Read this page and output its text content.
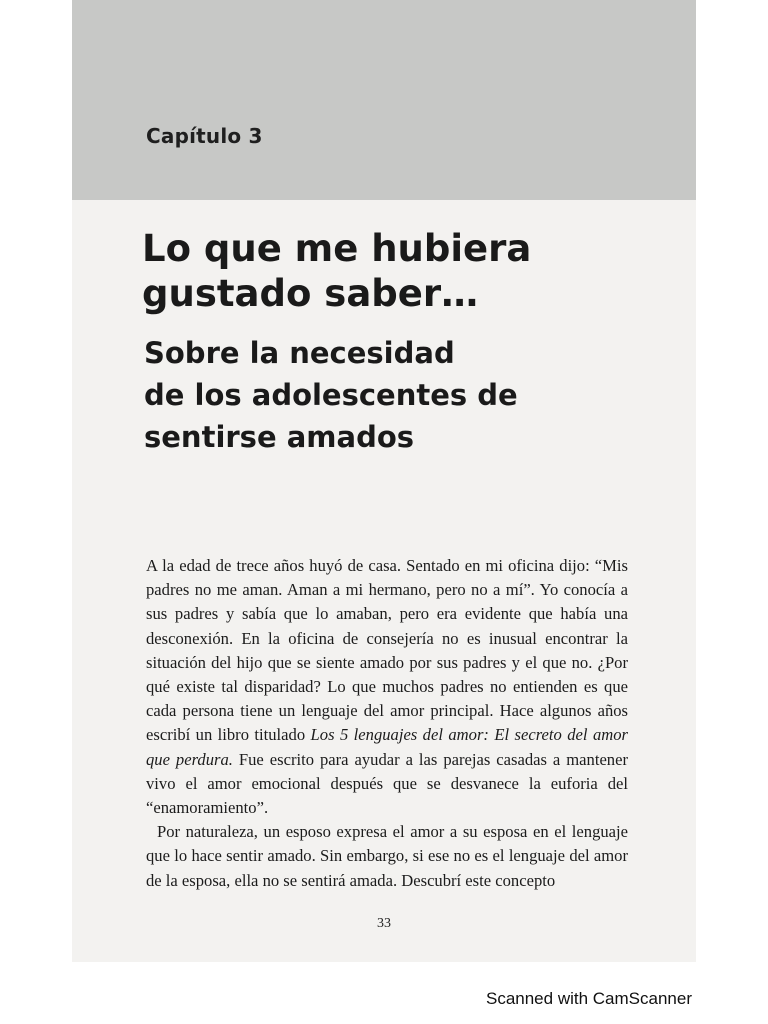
Capítulo 3
Lo que me hubiera
gustado saber…
Sobre la necesidad
de los adolescentes de
sentirse amados

A la edad de trece años huyó de casa. Sentado en mi oficina dijo: “Mis padres no me aman. Aman a mi hermano, pero no a mí”. Yo conocía a sus padres y sabía que lo amaban, pero era evidente que había una desconexión. En la oficina de consejería no es inusual encontrar la situación del hijo que se siente amado por sus padres y el que no. ¿Por qué existe tal disparidad? Lo que muchos padres no entienden es que cada persona tiene un lenguaje del amor principal. Hace algunos años escribí un libro titulado Los 5 lenguajes del amor: El secreto del amor que perdura. Fue escrito para ayudar a las parejas casadas a mantener vivo el amor emocional después que se desvanece la euforia del “enamoramiento”.

Por naturaleza, un esposo expresa el amor a su esposa en el lenguaje que lo hace sentir amado. Sin embargo, si ese no es el lenguaje del amor de la esposa, ella no se sentirá amada. Descubrí este concepto

33
Scanned with CamScanner
